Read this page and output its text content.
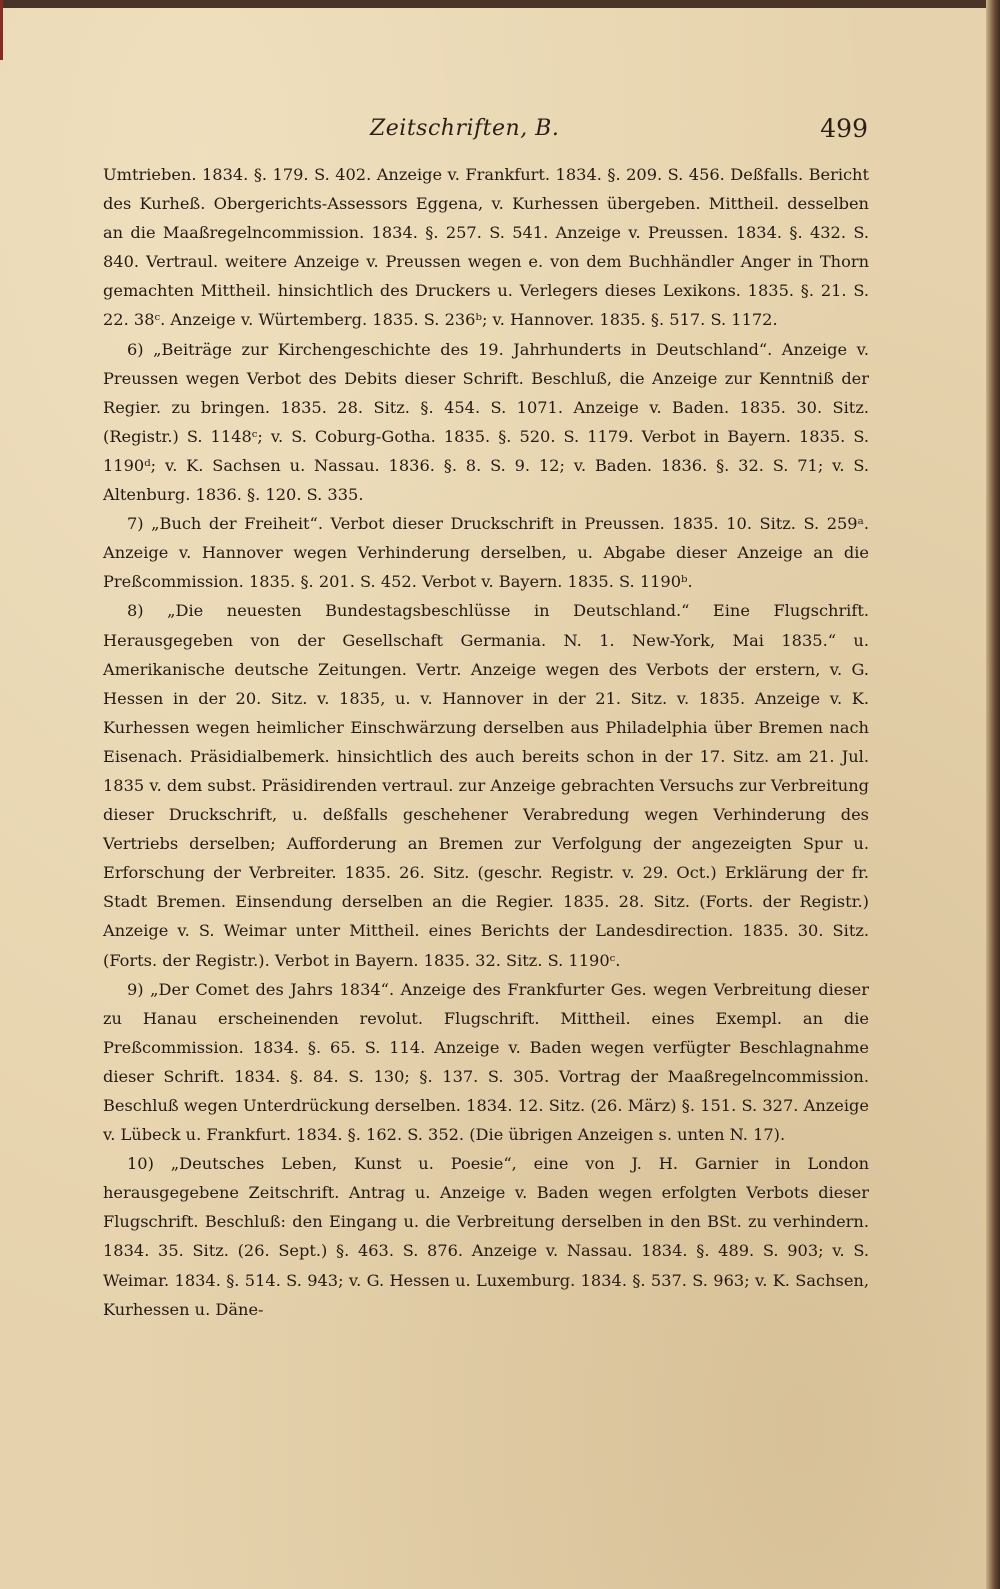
Zeitschriften, B.	499

Umtrieben. 1834. §. 179. S. 402. Anzeige v. Frankfurt. 1834. §. 209. S. 456. Deßfalls. Bericht des Kurheß. Obergerichts-Assessors Eggena, v. Kurhessen übergeben. Mittheil. desselben an die Maaßregelncommission. 1834. §. 257. S. 541. Anzeige v. Preussen. 1834. §. 432. S. 840. Vertraul. weitere Anzeige v. Preussen wegen e. von dem Buchhändler Anger in Thorn gemachten Mittheil. hinsichtlich des Druckers u. Verlegers dieses Lexikons. 1835. §. 21. S. 22. 38ᶜ. Anzeige v. Würtemberg. 1835. S. 236ᵇ; v. Hannover. 1835. §. 517. S. 1172.

6) „Beiträge zur Kirchengeschichte des 19. Jahrhunderts in Deutschland“. Anzeige v. Preussen wegen Verbot des Debits dieser Schrift. Beschluß, die Anzeige zur Kenntniß der Regier. zu bringen. 1835. 28. Sitz. §. 454. S. 1071. Anzeige v. Baden. 1835. 30. Sitz. (Registr.) S. 1148ᶜ; v. S. Coburg-Gotha. 1835. §. 520. S. 1179. Verbot in Bayern. 1835. S. 1190ᵈ; v. K. Sachsen u. Nassau. 1836. §. 8. S. 9. 12; v. Baden. 1836. §. 32. S. 71; v. S. Altenburg. 1836. §. 120. S. 335.

7) „Buch der Freiheit“. Verbot dieser Druckschrift in Preussen. 1835. 10. Sitz. S. 259ᵃ. Anzeige v. Hannover wegen Verhinderung derselben, u. Abgabe dieser Anzeige an die Preßcommission. 1835. §. 201. S. 452. Verbot v. Bayern. 1835. S. 1190ᵇ.

8) „Die neuesten Bundestagsbeschlüsse in Deutschland.“ Eine Flugschrift. Herausgegeben von der Gesellschaft Germania. N. 1. New-York, Mai 1835.“ u. Amerikanische deutsche Zeitungen. Vertr. Anzeige wegen des Verbots der erstern, v. G. Hessen in der 20. Sitz. v. 1835, u. v. Hannover in der 21. Sitz. v. 1835. Anzeige v. K. Kurhessen wegen heimlicher Einschwärzung derselben aus Philadelphia über Bremen nach Eisenach. Präsidialbemerk. hinsichtlich des auch bereits schon in der 17. Sitz. am 21. Jul. 1835 v. dem subst. Präsidirenden vertraul. zur Anzeige gebrachten Versuchs zur Verbreitung dieser Druckschrift, u. deßfalls geschehener Verabredung wegen Verhinderung des Vertriebs derselben; Aufforderung an Bremen zur Verfolgung der angezeigten Spur u. Erforschung der Verbreiter. 1835. 26. Sitz. (geschr. Registr. v. 29. Oct.) Erklärung der fr. Stadt Bremen. Einsendung derselben an die Regier. 1835. 28. Sitz. (Forts. der Registr.) Anzeige v. S. Weimar unter Mittheil. eines Berichts der Landesdirection. 1835. 30. Sitz. (Forts. der Registr.). Verbot in Bayern. 1835. 32. Sitz. S. 1190ᶜ.

9) „Der Comet des Jahrs 1834“. Anzeige des Frankfurter Ges. wegen Verbreitung dieser zu Hanau erscheinenden revolut. Flugschrift. Mittheil. eines Exempl. an die Preßcommission. 1834. §. 65. S. 114. Anzeige v. Baden wegen verfügter Beschlagnahme dieser Schrift. 1834. §. 84. S. 130; §. 137. S. 305. Vortrag der Maaßregelncommission. Beschluß wegen Unterdrückung derselben. 1834. 12. Sitz. (26. März) §. 151. S. 327. Anzeige v. Lübeck u. Frankfurt. 1834. §. 162. S. 352. (Die übrigen Anzeigen s. unten N. 17).

10) „Deutsches Leben, Kunst u. Poesie“, eine von J. H. Garnier in London herausgegebene Zeitschrift. Antrag u. Anzeige v. Baden wegen erfolgten Verbots dieser Flugschrift. Beschluß: den Eingang u. die Verbreitung derselben in den BSt. zu verhindern. 1834. 35. Sitz. (26. Sept.) §. 463. S. 876. Anzeige v. Nassau. 1834. §. 489. S. 903; v. S. Weimar. 1834. §. 514. S. 943; v. G. Hessen u. Luxemburg. 1834. §. 537. S. 963; v. K. Sachsen, Kurhessen u. Däne-
